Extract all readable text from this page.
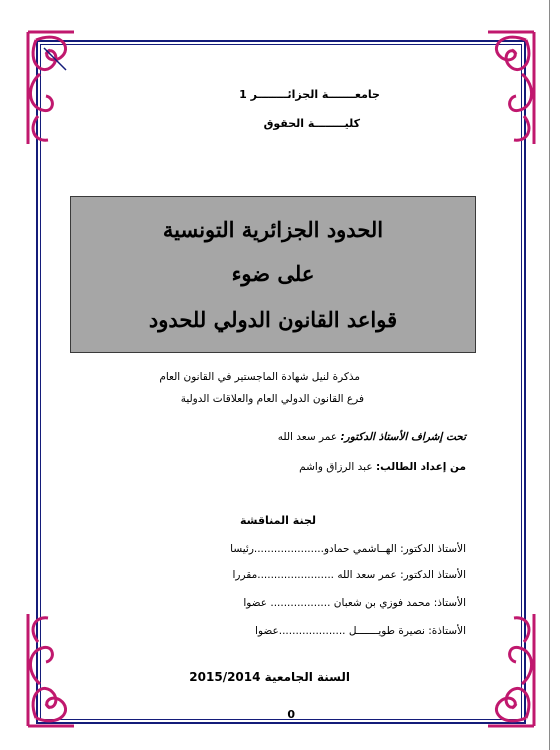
جامعـــــــة الجزائــــــــر 1
كليــــــــة الحقوق
الحدود الجزائرية التونسية
على ضوء
قواعد القانون الدولي للحدود
مذكرة لنيل شهادة الماجستير في القانون العام
فرع القانون الدولي العام والعلاقات الدولية
تحت إشراف الأستاذ الدكتور: عمر سعد الله
من إعداد الطالب: عبد الرزاق واشم
لجنة المناقشة
الأستاذ الدكتور: الهــاشمي حمادو.....................رئيسا
الأستاذ الدكتور: عمر سعد الله .......................مقررا
الأستاذ: محمد فوزي بن شعبان .................. عضوا
الأستاذة: نصيرة طويـــــــل ....................عضوا
السنة الجامعية 2015/2014
0
